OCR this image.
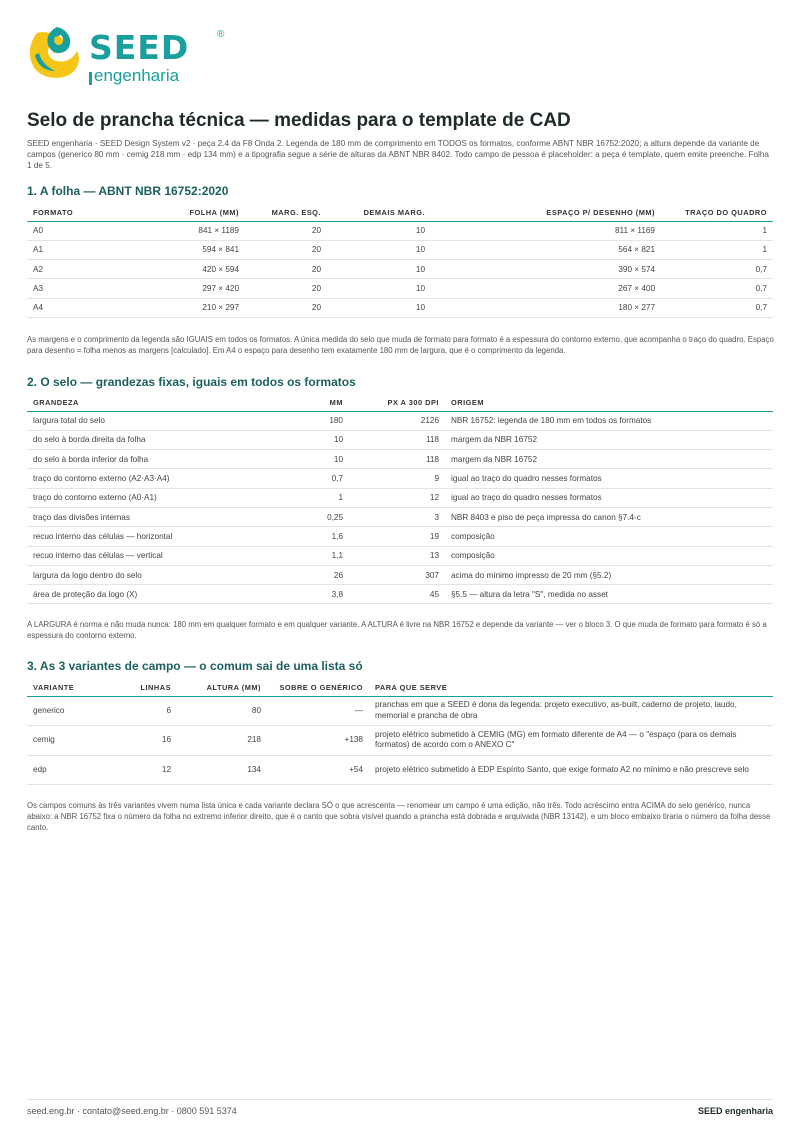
SEED	®
engenharia
Selo de prancha técnica — medidas para o template de CAD

SEED engenharia · SEED Design System v2 · peça 2.4 da F8 Onda 2. Legenda de 180 mm de comprimento em TODOS os formatos, conforme ABNT NBR 16752:2020; a altura depende da variante de campos (generico 80 mm · cemig 218 mm · edp 134 mm) e a tipografia segue a série de alturas da ABNT NBR 8402. Todo campo de pessoa é placeholder: a peça é template, quem emite preenche. Folha 1 de 5.

1. A folha — ABNT NBR 16752:2020
FORMATO	FOLHA (MM)	MARG. ESQ.	DEMAIS MARG.	ESPAÇO P/ DESENHO (MM)	TRAÇO DO QUADRO
A0	841 × 1189	20	10	811 × 1169	1
A1	594 × 841	20	10	564 × 821	1
A2	420 × 594	20	10	390 × 574	0,7
A3	297 × 420	20	10	267 × 400	0,7
A4	210 × 297	20	10	180 × 277	0,7

As margens e o comprimento da legenda são IGUAIS em todos os formatos. A única medida do selo que muda de formato para formato é a espessura do contorno externo, que acompanha o traço do quadro. Espaço para desenho = folha menos as margens [calculado]. Em A4 o espaço para desenho tem exatamente 180 mm de largura, que é o comprimento da legenda.

2. O selo — grandezas fixas, iguais em todos os formatos
GRANDEZA	MM	PX A 300 DPI	ORIGEM
largura total do selo	180	2126	NBR 16752: legenda de 180 mm em todos os formatos
do selo à borda direita da folha	10	118	margem da NBR 16752
do selo à borda inferior da folha	10	118	margem da NBR 16752
traço do contorno externo (A2·A3·A4)	0,7	9	igual ao traço do quadro nesses formatos
traço do contorno externo (A0·A1)	1	12	igual ao traço do quadro nesses formatos
traço das divisões internas	0,25	3	NBR 8403 e piso de peça impressa do canon §7.4-c
recuo interno das células — horizontal	1,6	19	composição
recuo interno das células — vertical	1,1	13	composição
largura da logo dentro do selo	26	307	acima do mínimo impresso de 20 mm (§5.2)
área de proteção da logo (X)	3,8	45	§5.5 — altura da letra "S", medida no asset

A LARGURA é norma e não muda nunca: 180 mm em qualquer formato e em qualquer variante. A ALTURA é livre na NBR 16752 e depende da variante — ver o bloco 3. O que muda de formato para formato é só a espessura do contorno externo.

3. As 3 variantes de campo — o comum sai de uma lista só
VARIANTE	LINHAS	ALTURA (MM)	SOBRE O GENÉRICO	PARA QUE SERVE
generico	6	80	—	pranchas em que a SEED é dona da legenda: projeto executivo, as-built, caderno de projeto, laudo, memorial e prancha de obra
cemig	16	218	+138	projeto elétrico submetido à CEMIG (MG) em formato diferente de A4 — o "espaço (para os demais formatos) de acordo com o ANEXO C"
edp	12	134	+54	projeto elétrico submetido à EDP Espírito Santo, que exige formato A2 no mínimo e não prescreve selo

Os campos comuns às três variantes vivem numa lista única e cada variante declara SÓ o que acrescenta — renomear um campo é uma edição, não três. Todo acréscimo entra ACIMA do selo genérico, nunca abaixo: a NBR 16752 fixa o número da folha no extremo inferior direito, que é o canto que sobra visível quando a prancha está dobrada e arquivada (NBR 13142), e um bloco embaixo tiraria o número da folha desse canto.

seed.eng.br · contato@seed.eng.br · 0800 591 5374	SEED engenharia
